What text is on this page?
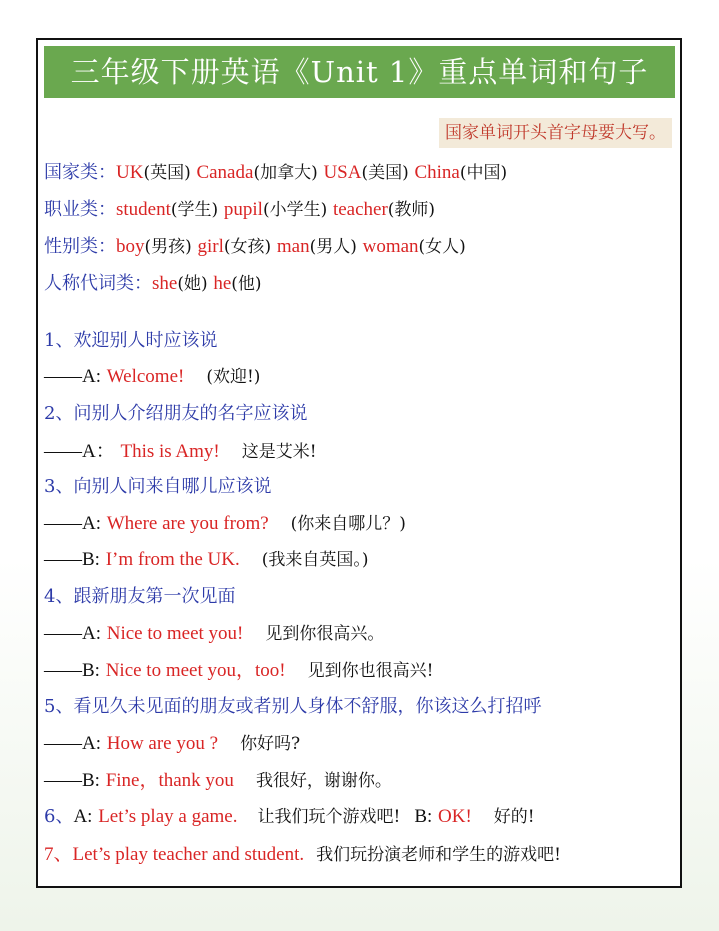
三年级下册英语《Unit 1》重点单词和句子
国家单词开头首字母要大写。
国家类：UK(英国) Canada(加拿大) USA(美国) China(中国)
职业类：student(学生) pupil(小学生) teacher(教师)
性别类：boy(男孩) girl(女孩) man(男人) woman(女人)
人称代词类：she(她) he(他)
1、欢迎别人时应该说
——A: Welcome! (欢迎!)
2、问别人介绍朋友的名字应该说
——A： This is Amy! 这是艾米!
3、向别人问来自哪儿应该说
——A: Where are you from? (你来自哪儿？)
——B: I’m from the UK. (我来自英国。)
4、跟新朋友第一次见面
——A: Nice to meet you! 见到你很高兴。
——B: Nice to meet you，too! 见到你也很高兴!
5、看见久未见面的朋友或者别人身体不舒服，你该这么打招呼
——A: How are you ? 你好吗?
——B: Fine，thank you 我很好，谢谢你。
6、A: Let’s play a game. 让我们玩个游戏吧! B: OK! 好的!
7、Let’s play teacher and student. 我们玩扮演老师和学生的游戏吧!
